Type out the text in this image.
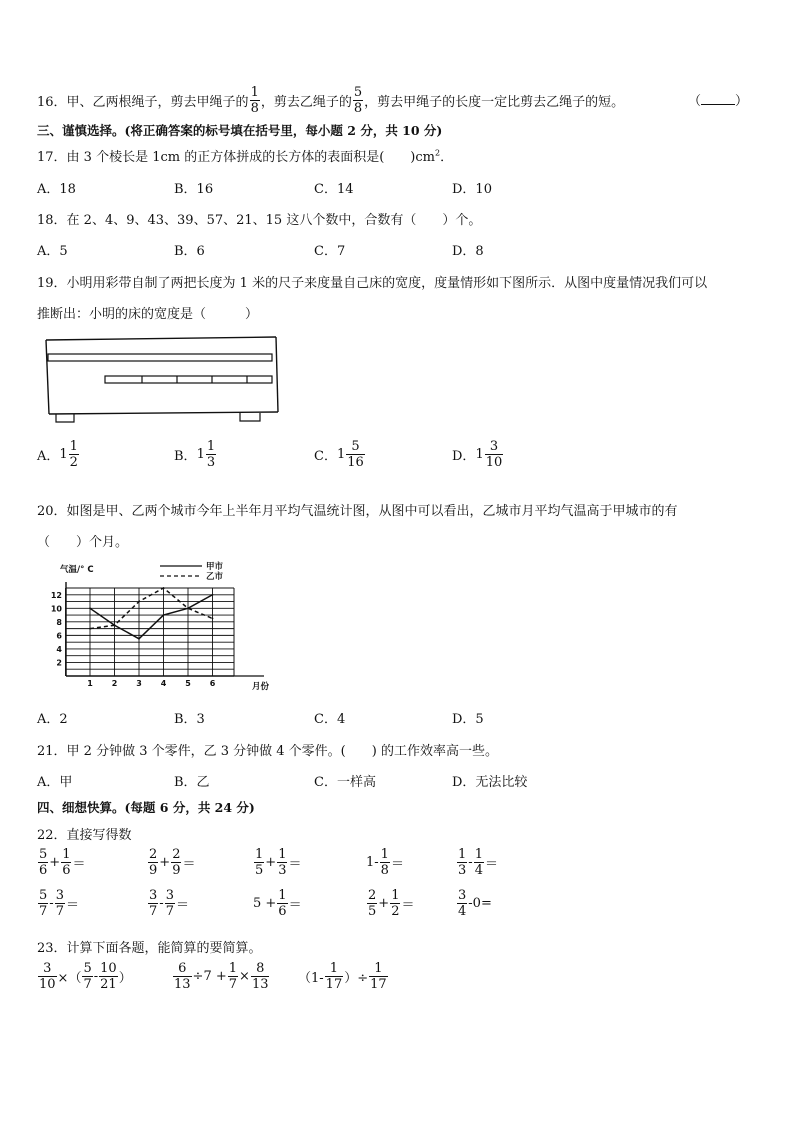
16． 甲、乙两根绳子，剪去甲绳子的 $\frac{1}{8}$ ，剪去乙绳子的 $\frac{5}{8}$ ，剪去甲绳子的长度一定比剪去乙绳子的短。	（	）
三、谨慎选择。(将正确答案的标号填在括号里，每小题 2 分，共 10 分)
17．由 3 个棱长是 1cm 的正方体拼成的长方体的表面积是(　　)$cm^2$．
A．18	B．16	C．14	D．10
18．在 2、4、9、43、39、57、21、15 这八个数中，合数有（　　）个。
A．5	B．6	C．7	D．8
19．小明用彩带自制了两把长度为 1 米的尺子来度量自己床的宽度，度量情形如下图所示．从图中度量情况我们可以
推断出：小明的床的宽度是（　　　）
A． $1 \frac{1}{2}$	B． $1 \frac{1}{3}$	C． $1 \frac{5}{16}$	D． $1 \frac{3}{10}$
20．如图是甲、乙两个城市今年上半年月平均气温统计图，从图中可以看出，乙城市月平均气温高于甲城市的有
（　　）个月。
2
4
6
8
10
12
1 2 3 4 5 6
气温/° C
月份
甲市
乙市
A．2	B．3	C．4	D．5
21．甲 2 分钟做 3 个零件，乙 3 分钟做 4 个零件。(　　) 的工作效率高一些。
A．甲	B．乙	C．一样高	D．无法比较
四、细想快算。(每题 6 分，共 24 分)
22．直接写得数
$\frac{5}{6} + \frac{1}{6}$ ＝	$\frac{2}{9} + \frac{2}{9}$ ＝	$\frac{1}{5} + \frac{1}{3}$ ＝	$1- \frac{1}{8}$ ＝	$\frac{1}{3} - \frac{1}{4}$ ＝
$\frac{5}{7} - \frac{3}{7}$ ＝	$\frac{3}{7} - \frac{3}{7}$ ＝	$5 + \frac{1}{6}$ ＝	$\frac{2}{5} + \frac{1}{2}$ ＝	$\frac{3}{4} -0=$
23．计算下面各题，能简算的要简算。
$\frac{3}{10}$ ×（ $\frac{5}{7} - \frac{10}{21}$ ）	$\frac{6}{13} \div 7 + \frac{1}{7} \times \frac{8}{13} (1- \frac{1}{17}$ ）÷ $\frac{1}{17}$
